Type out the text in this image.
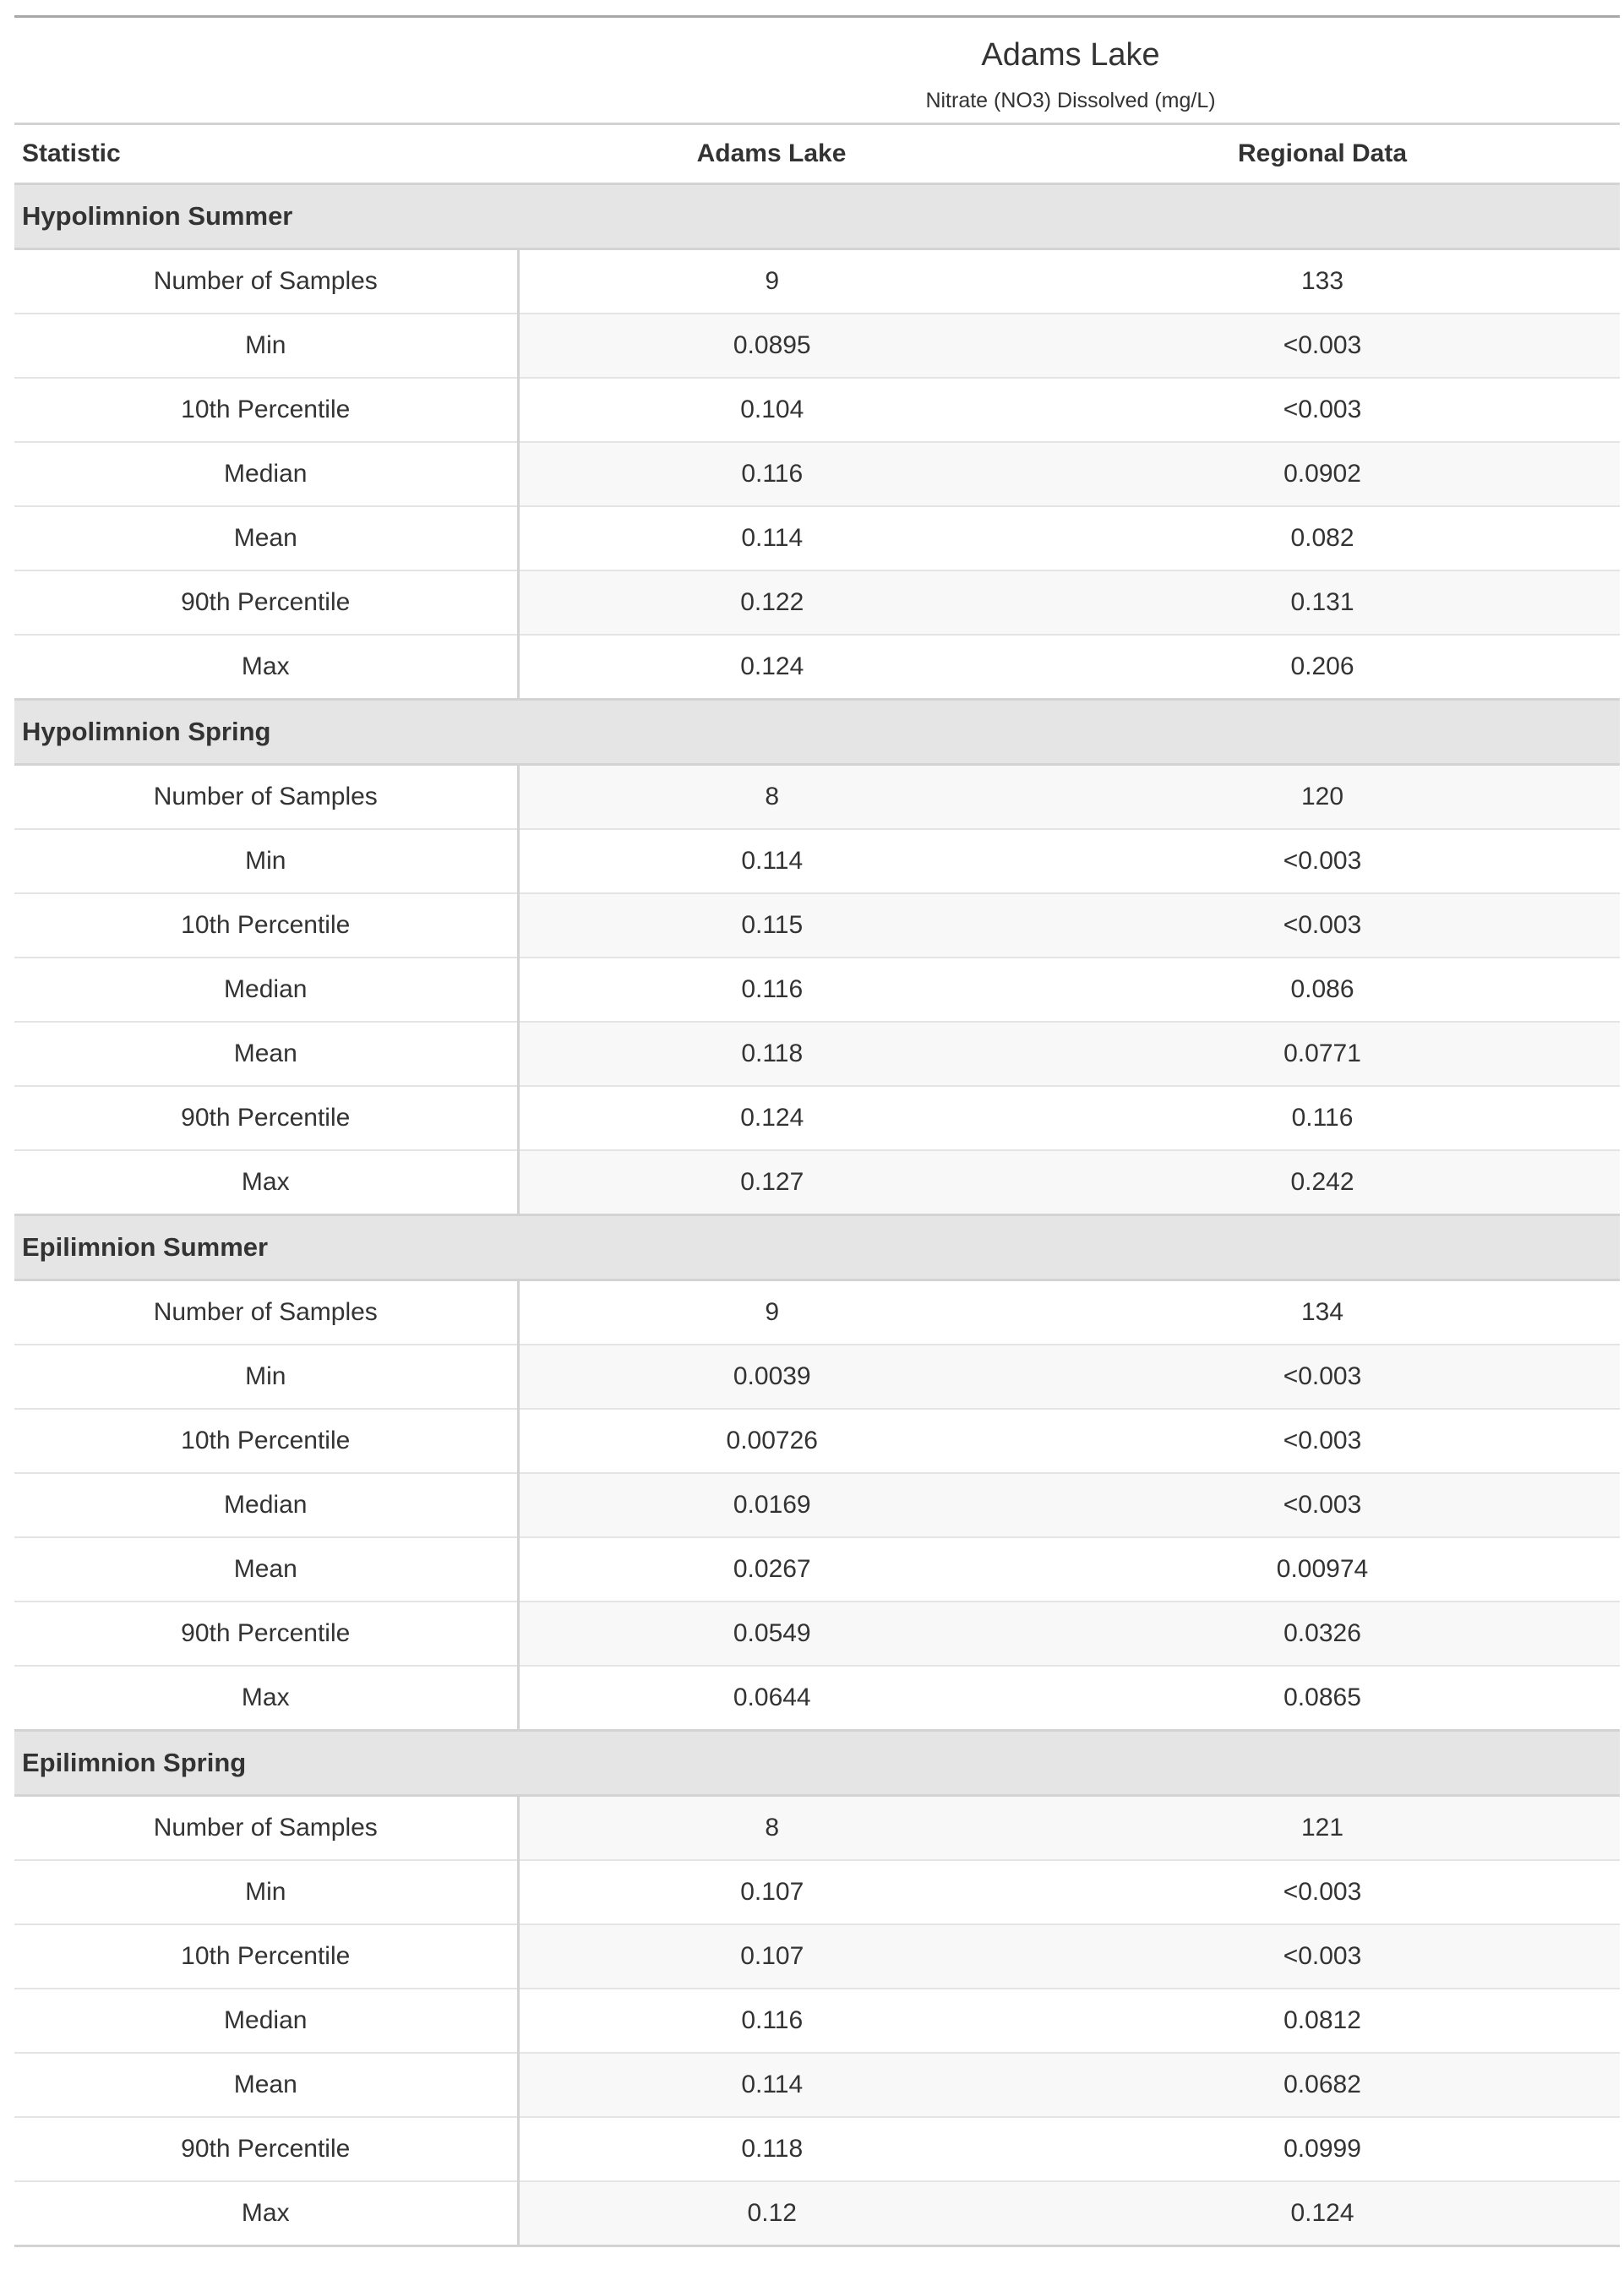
Adams Lake		
Nitrate (NO3) Dissolved (mg/L)		
Statistic	Adams Lake	Regional Data
Hypolimnion Summer		
Number of Samples	9	133
Min	0.0895	<0.003
10th Percentile	0.104	<0.003
Median	0.116	0.0902
Mean	0.114	0.082
90th Percentile	0.122	0.131
Max	0.124	0.206
Hypolimnion Spring		
Number of Samples	8	120
Min	0.114	<0.003
10th Percentile	0.115	<0.003
Median	0.116	0.086
Mean	0.118	0.0771
90th Percentile	0.124	0.116
Max	0.127	0.242
Epilimnion Summer		
Number of Samples	9	134
Min	0.0039	<0.003
10th Percentile	0.00726	<0.003
Median	0.0169	<0.003
Mean	0.0267	0.00974
90th Percentile	0.0549	0.0326
Max	0.0644	0.0865
Epilimnion Spring		
Number of Samples	8	121
Min	0.107	<0.003
10th Percentile	0.107	<0.003
Median	0.116	0.0812
Mean	0.114	0.0682
90th Percentile	0.118	0.0999
Max	0.12	0.124
